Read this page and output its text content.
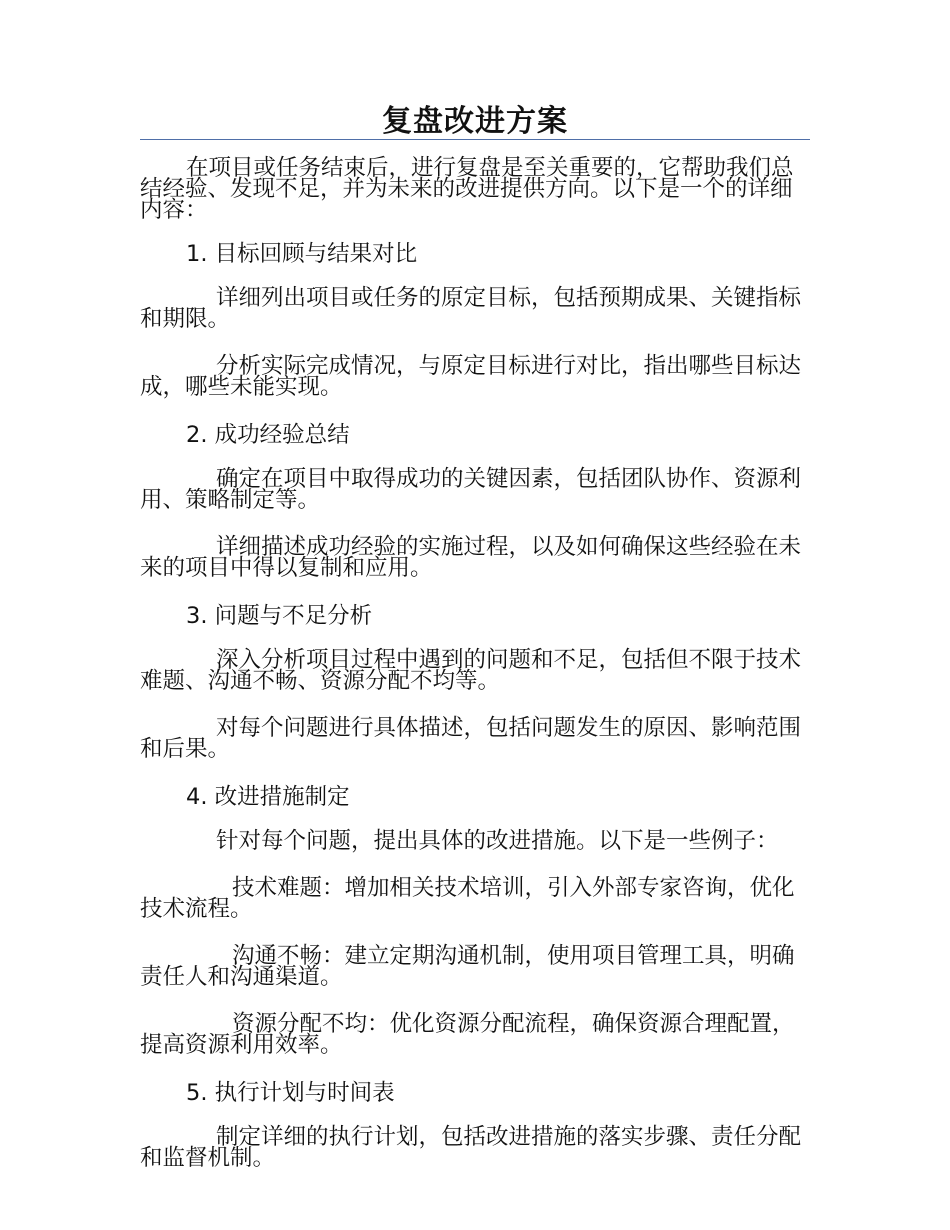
复盘改进方案

在项目或任务结束后，进行复盘是至关重要的，它帮助我们总结经验、发现不足，并为未来的改进提供方向。以下是一个的详细内容：

1. 目标回顾与结果对比

详细列出项目或任务的原定目标，包括预期成果、关键指标和期限。

分析实际完成情况，与原定目标进行对比，指出哪些目标达成，哪些未能实现。

2. 成功经验总结

确定在项目中取得成功的关键因素，包括团队协作、资源利用、策略制定等。

详细描述成功经验的实施过程，以及如何确保这些经验在未来的项目中得以复制和应用。

3. 问题与不足分析

深入分析项目过程中遇到的问题和不足，包括但不限于技术难题、沟通不畅、资源分配不均等。

对每个问题进行具体描述，包括问题发生的原因、影响范围和后果。

4. 改进措施制定

针对每个问题，提出具体的改进措施。以下是一些例子：

技术难题：增加相关技术培训，引入外部专家咨询，优化技术流程。

沟通不畅：建立定期沟通机制，使用项目管理工具，明确责任人和沟通渠道。

资源分配不均：优化资源分配流程，确保资源合理配置，提高资源利用效率。

5. 执行计划与时间表

制定详细的执行计划，包括改进措施的落实步骤、责任分配和监督机制。
